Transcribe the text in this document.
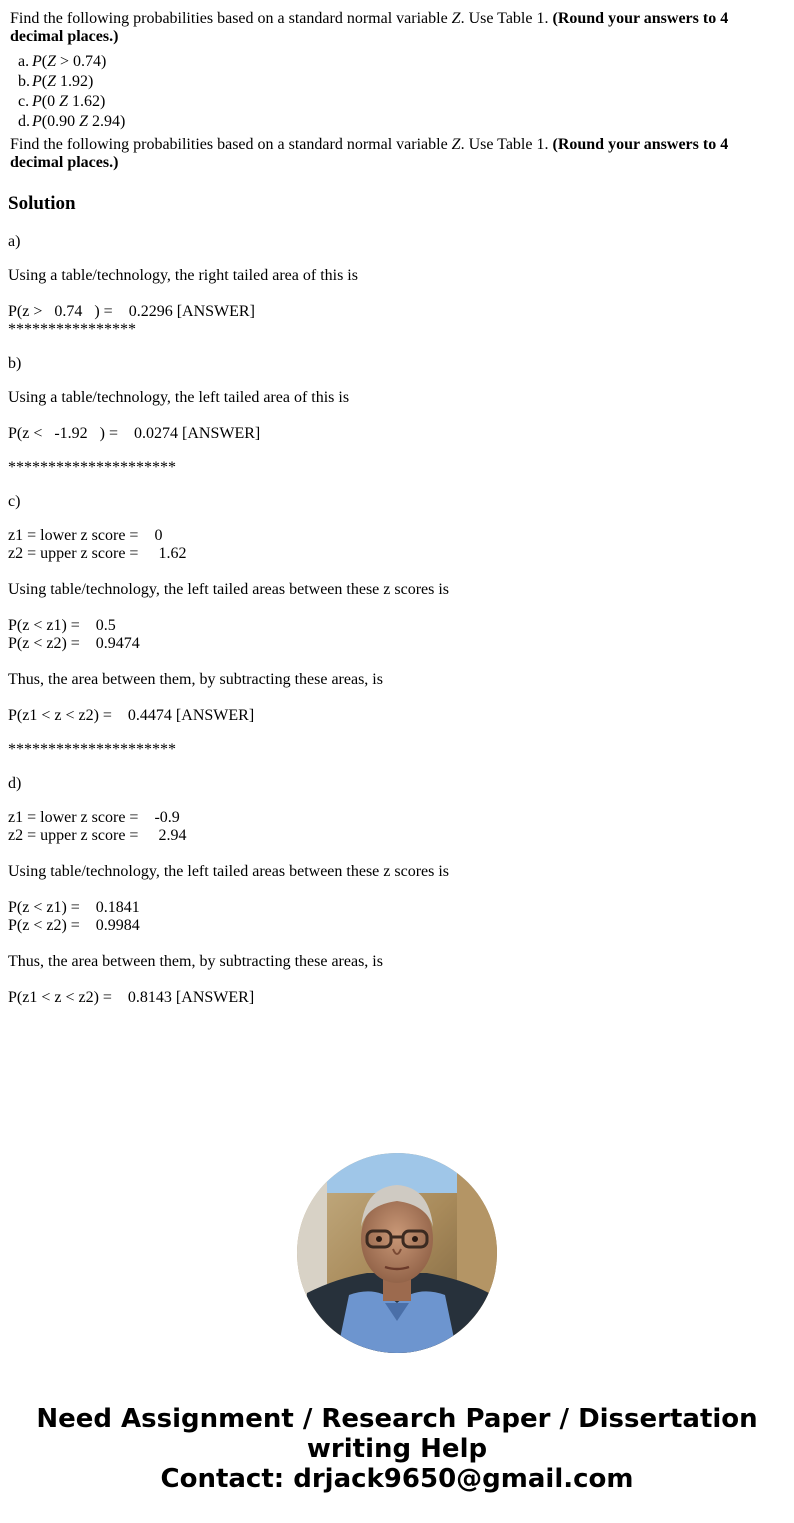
Find the following probabilities based on a standard normal variable Z. Use Table 1. (Round your answers to 4 decimal places.)
a. P(Z > 0.74)
b. P(Z 1.92)
c. P(0 Z 1.62)
d. P(0.90 Z 2.94)
Find the following probabilities based on a standard normal variable Z. Use Table 1. (Round your answers to 4 decimal places.)
Solution
a)
Using a table/technology, the right tailed area of this is
P(z >   0.74   ) =    0.2296 [ANSWER]
****************
b)
Using a table/technology, the left tailed area of this is
P(z <   -1.92   ) =    0.0274 [ANSWER]
*********************
c)
z1 = lower z score =    0
z2 = upper z score =     1.62
Using table/technology, the left tailed areas between these z scores is
P(z < z1) =    0.5
P(z < z2) =    0.9474
Thus, the area between them, by subtracting these areas, is
P(z1 < z < z2) =    0.4474 [ANSWER]
*********************
d)
z1 = lower z score =    -0.9
z2 = upper z score =     2.94
Using table/technology, the left tailed areas between these z scores is
P(z < z1) =    0.1841
P(z < z2) =    0.9984
Thus, the area between them, by subtracting these areas, is
P(z1 < z < z2) =    0.8143 [ANSWER]
Need Assignment / Research Paper / Dissertation
writing Help
Contact: drjack9650@gmail.com
